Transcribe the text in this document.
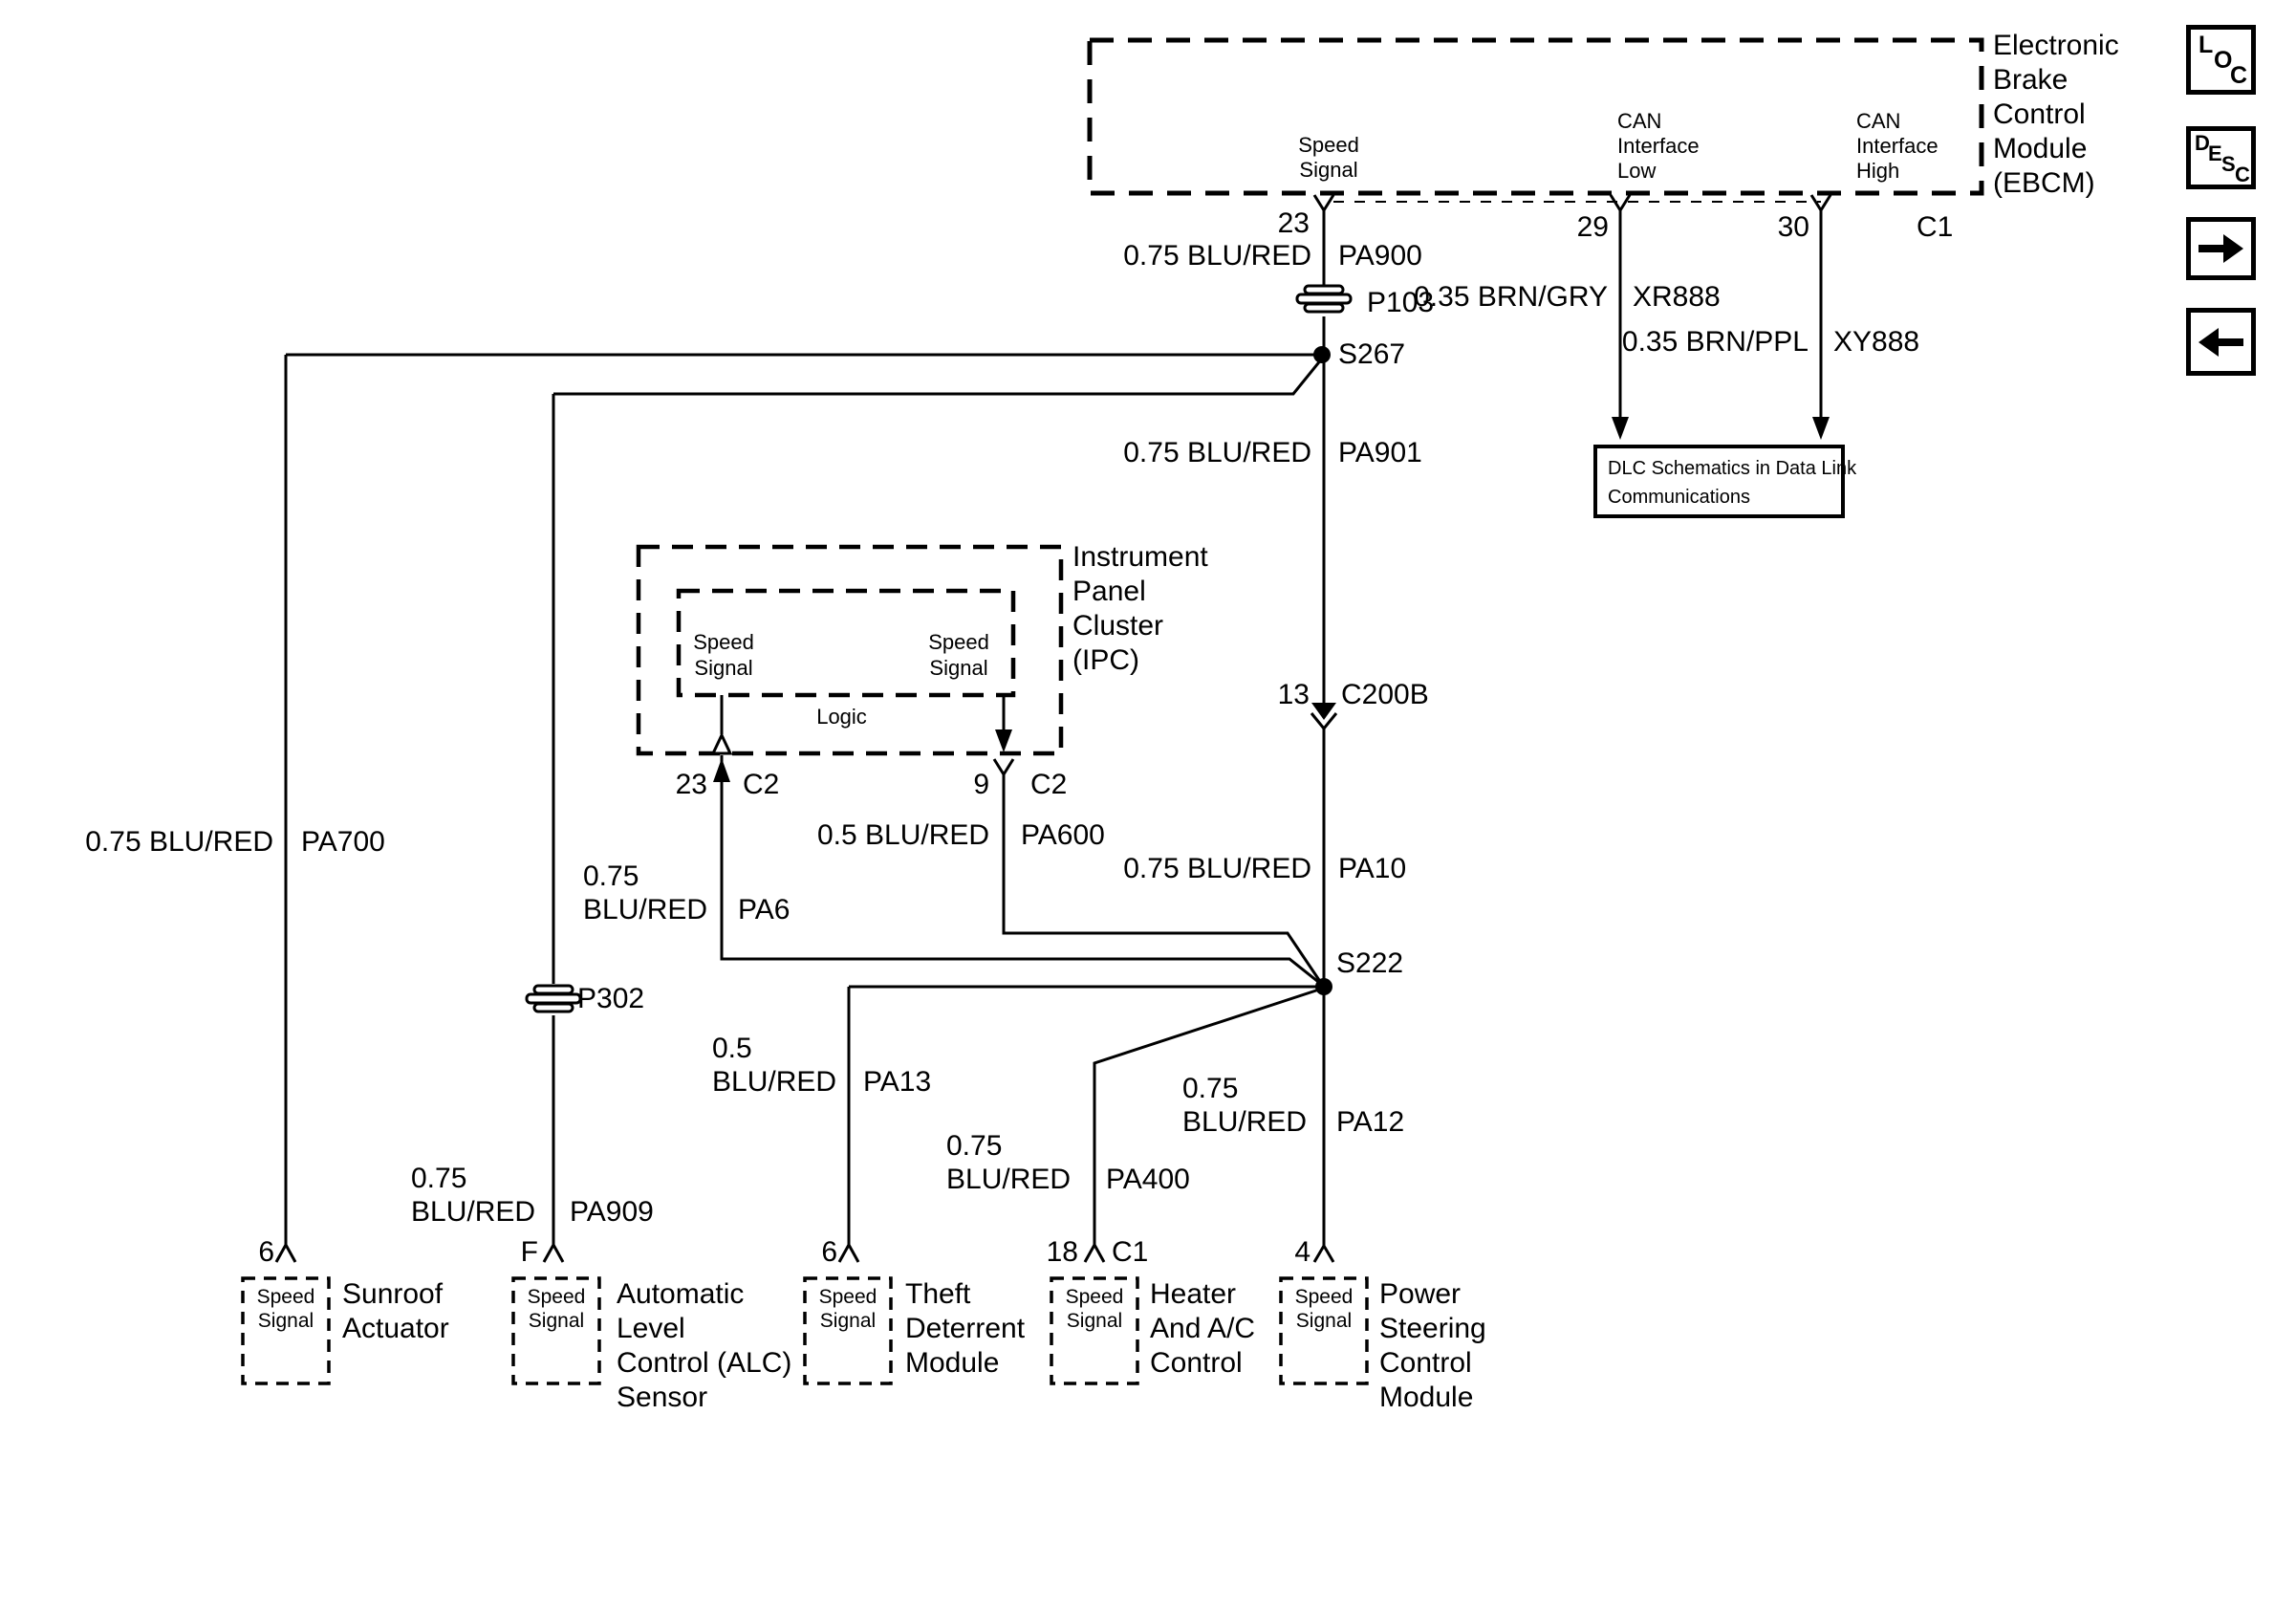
Speed
Signal
CAN
Interface
Low
CAN
Interface
High
Electronic
Brake
Control
Module
(EBCM)
23	29	30	C1
0.75 BLU/RED PA900
P103
S267
0.35 BRN/GRY XR888
0.35 BRN/PPL XY888
0.75 BLU/RED PA901
13 C200B
DLC Schematics in Data Link
Communications
Speed
Signal
Speed
Signal
Logic
Instrument
Panel
Cluster
(IPC)
23 C2	9 C2
0.5 BLU/RED PA600
0.75 BLU/RED PA10
0.75
BLU/RED PA6
0.75 BLU/RED PA700
S222
P302
0.75
BLU/RED PA909
0.5
BLU/RED PA13
0.75
BLU/RED PA400
0.75
BLU/RED PA12
6	F	6	18 C1	4
Speed
Signal
Speed
Signal
Speed
Signal
Speed
Signal
Speed
Signal
Sunroof
Actuator
Automatic
Level
Control (ALC)
Sensor
Theft
Deterrent
Module
Heater
And A/C
Control
Power
Steering
Control
Module
L
O
C
D
E S C
